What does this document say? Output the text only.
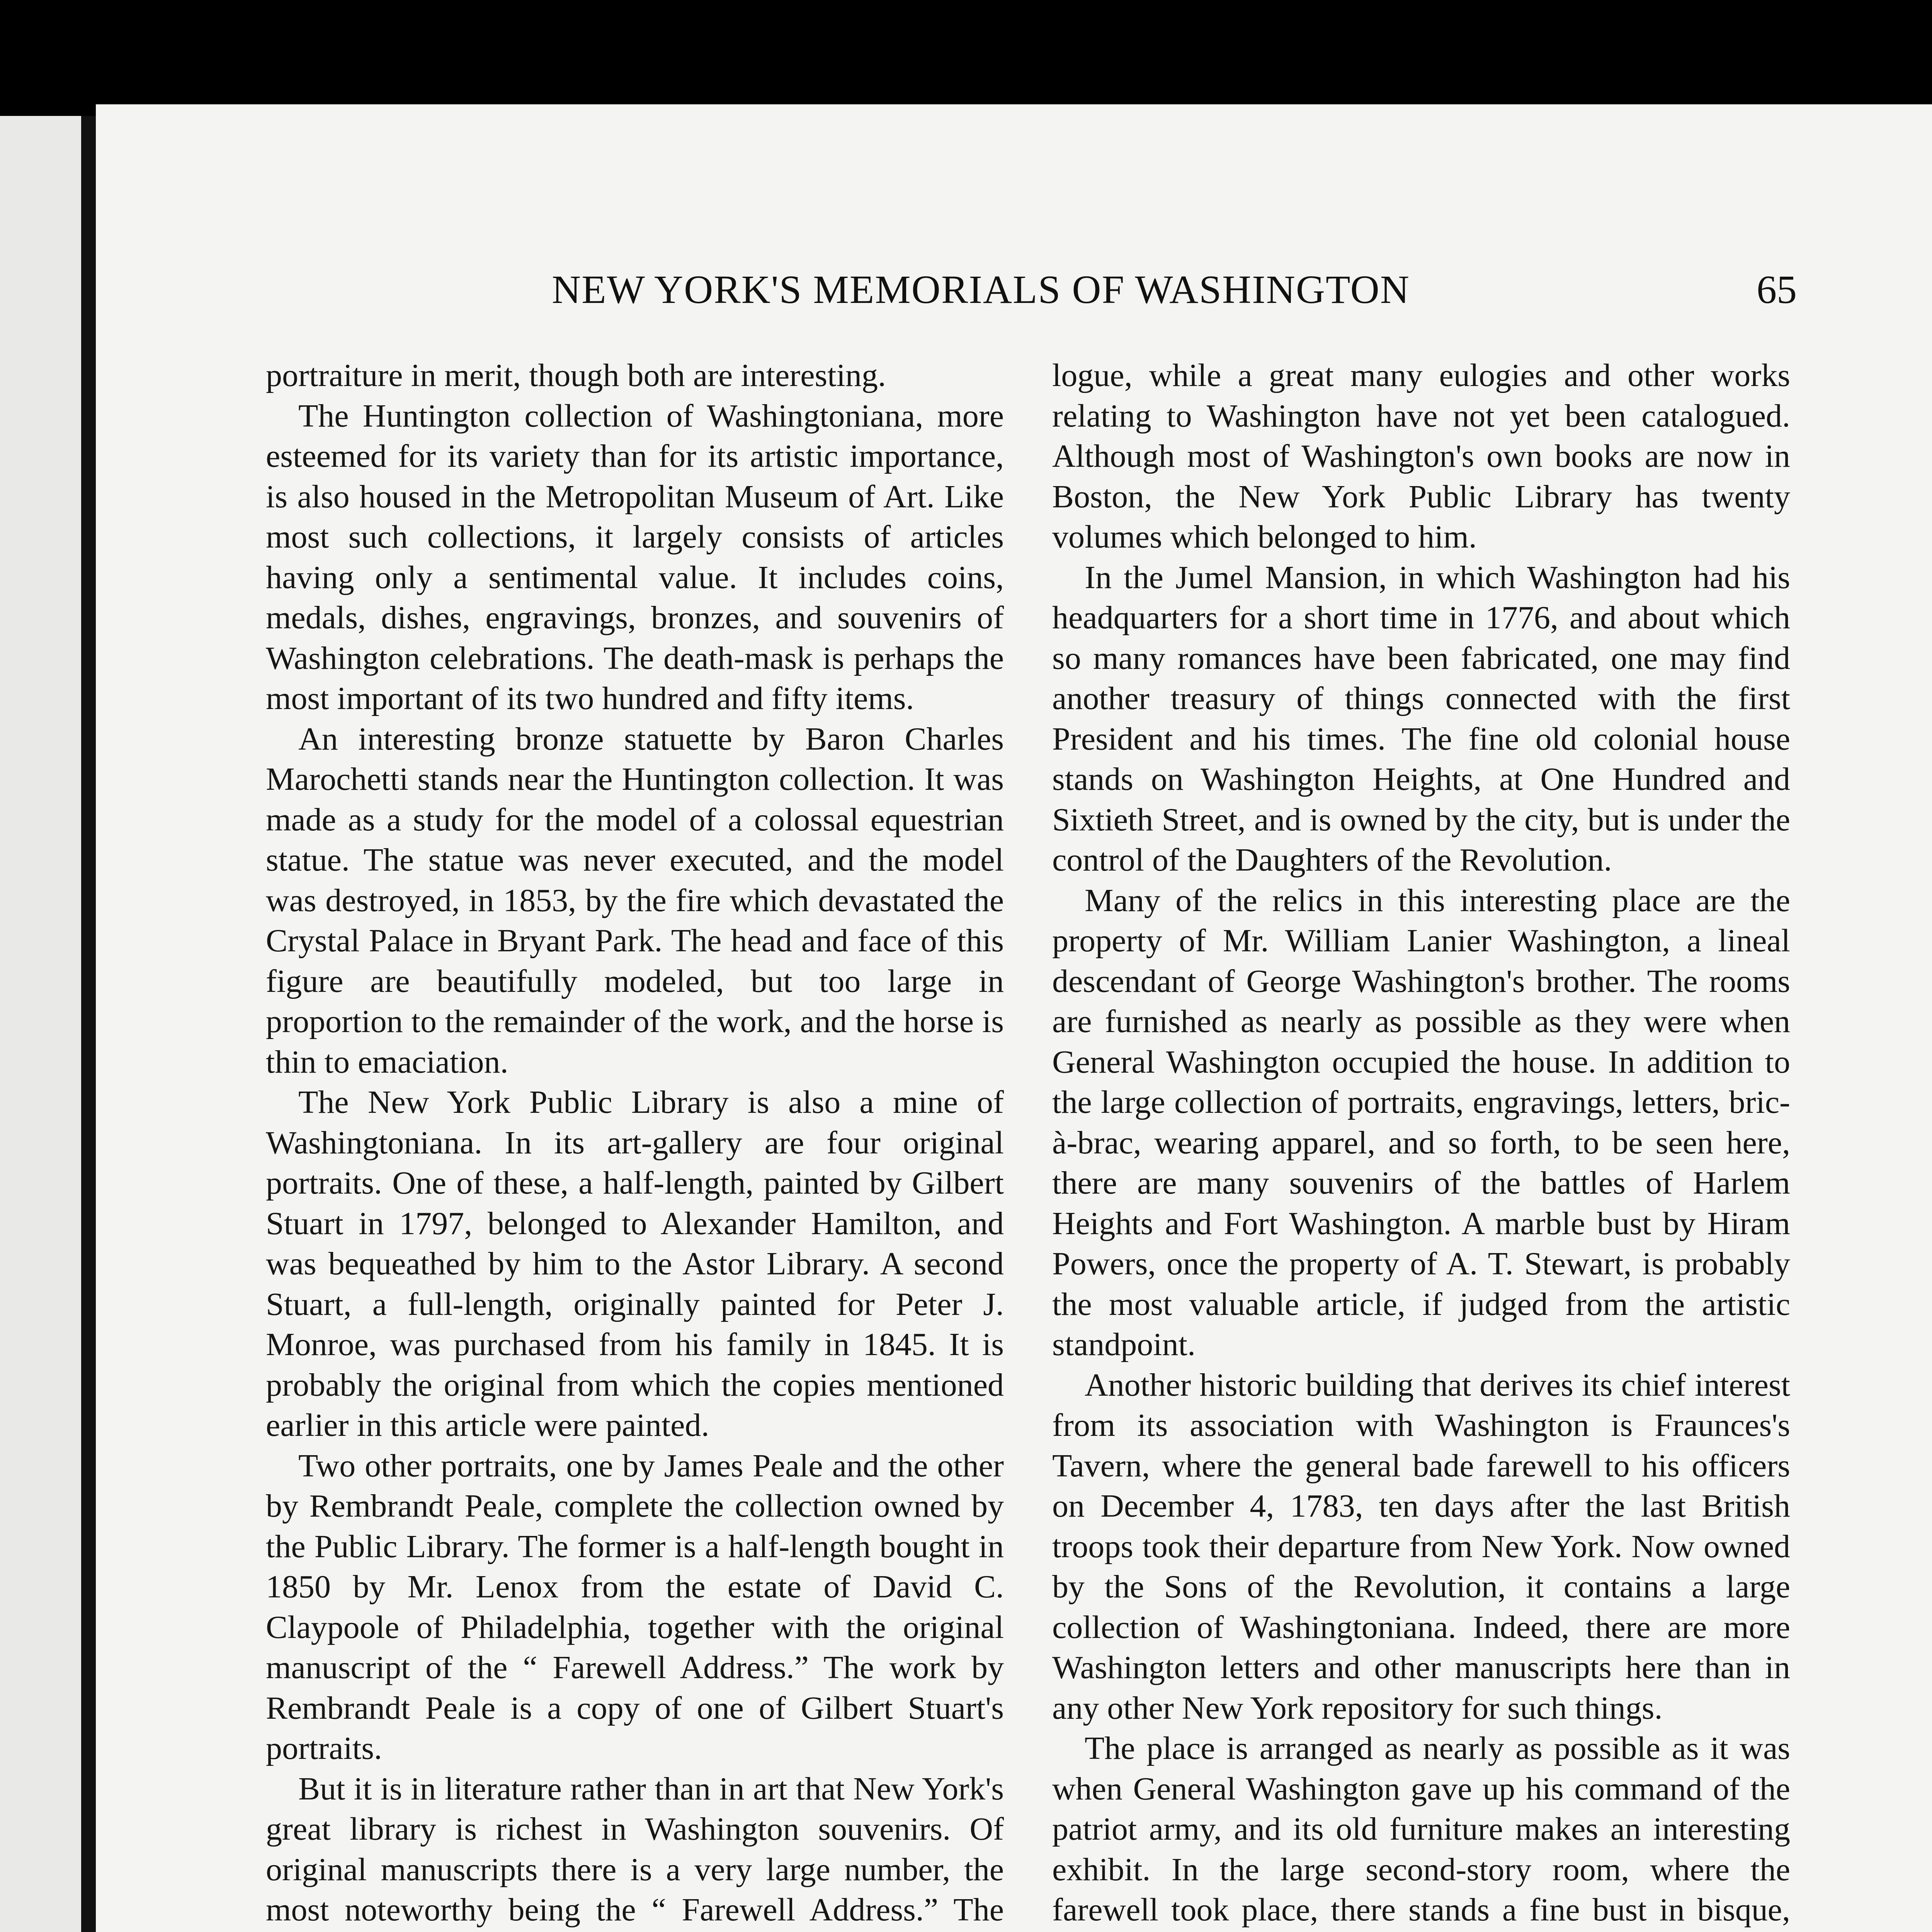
NEW YORK'S MEMORIALS OF WASHINGTON	65

portraiture in merit, though both are interesting.

The Huntington collection of Washingtoniana, more esteemed for its variety than for its artistic importance, is also housed in the Metropolitan Museum of Art. Like most such collections, it largely consists of articles having only a sentimental value. It includes coins, medals, dishes, engravings, bronzes, and souvenirs of Washington celebrations. The death-mask is perhaps the most important of its two hundred and fifty items.

An interesting bronze statuette by Baron Charles Marochetti stands near the Huntington collection. It was made as a study for the model of a colossal equestrian statue. The statue was never executed, and the model was destroyed, in 1853, by the fire which devastated the Crystal Palace in Bryant Park. The head and face of this figure are beautifully modeled, but too large in proportion to the remainder of the work, and the horse is thin to emaciation.

The New York Public Library is also a mine of Washingtoniana. In its art-gallery are four original portraits. One of these, a half-length, painted by Gilbert Stuart in 1797, belonged to Alexander Hamilton, and was bequeathed by him to the Astor Library. A second Stuart, a full-length, originally painted for Peter J. Monroe, was purchased from his family in 1845. It is probably the original from which the copies mentioned earlier in this article were painted.

Two other portraits, one by James Peale and the other by Rembrandt Peale, complete the collection owned by the Public Library. The former is a half-length bought in 1850 by Mr. Lenox from the estate of David C. Claypoole of Philadelphia, together with the original manuscript of the “ Farewell Address.” The work by Rembrandt Peale is a copy of one of Gilbert Stuart's portraits.

But it is in literature rather than in art that New York's great library is richest in Washington souvenirs. Of original manuscripts there is a very large number, the most noteworthy being the “ Farewell Address.” The

logue, while a great many eulogies and other works relating to Washington have not yet been catalogued. Although most of Washington's own books are now in Boston, the New York Public Library has twenty volumes which belonged to him.

In the Jumel Mansion, in which Washington had his headquarters for a short time in 1776, and about which so many romances have been fabricated, one may find another treasury of things connected with the first President and his times. The fine old colonial house stands on Washington Heights, at One Hundred and Sixtieth Street, and is owned by the city, but is under the control of the Daughters of the Revolution.

Many of the relics in this interesting place are the property of Mr. William Lanier Washington, a lineal descendant of George Washington's brother. The rooms are furnished as nearly as possible as they were when General Washington occupied the house. In addition to the large collection of portraits, engravings, letters, bric-à-brac, wearing apparel, and so forth, to be seen here, there are many souvenirs of the battles of Harlem Heights and Fort Washington. A marble bust by Hiram Powers, once the property of A. T. Stewart, is probably the most valuable article, if judged from the artistic standpoint.

Another historic building that derives its chief interest from its association with Washington is Fraunces's Tavern, where the general bade farewell to his officers on December 4, 1783, ten days after the last British troops took their departure from New York. Now owned by the Sons of the Revolution, it contains a large collection of Washingtoniana. Indeed, there are more Washington letters and other manuscripts here than in any other New York repository for such things.

The place is arranged as nearly as possible as it was when General Washington gave up his command of the patriot army, and its old furniture makes an interesting exhibit. In the large second-story room, where the farewell took place, there stands a fine bust in bisque,
